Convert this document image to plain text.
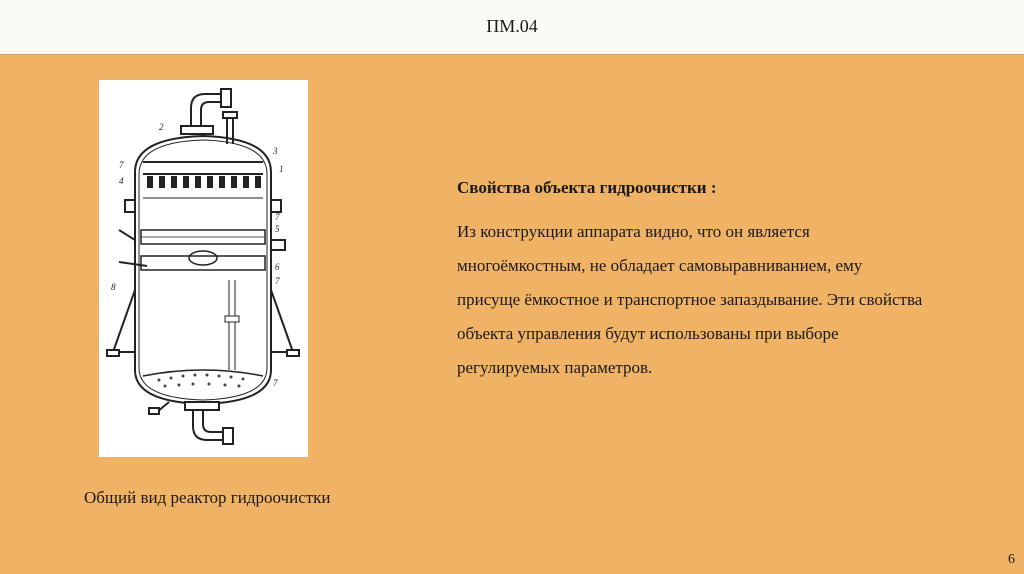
ПМ.04
2
7
3
4
1
7
5
6
8
7
7
Общий вид реактор гидроочистки
Свойства объекта гидроочистки :
Из конструкции аппарата видно, что он является многоёмкостным, не обладает самовыравниванием, ему присуще ёмкостное и транспортное запаздывание. Эти свойства объекта управления будут использованы при выборе регулируемых параметров.
6
